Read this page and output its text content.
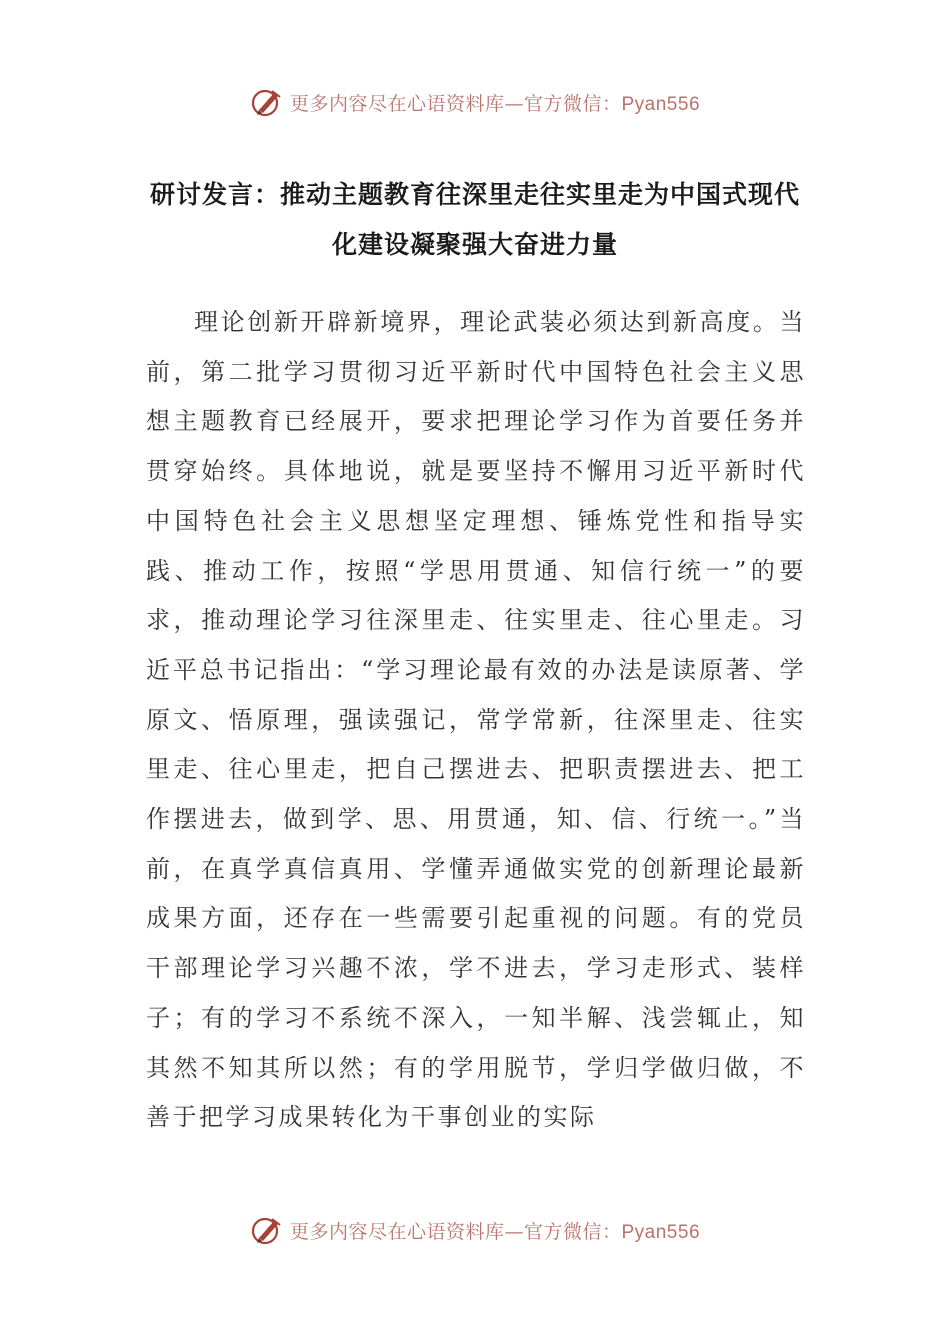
更多内容尽在心语资料库—官方微信：Pyan556
研讨发言：推动主题教育往深里走往实里走为中国式现代化建设凝聚强大奋进力量

理论创新开辟新境界，理论武装必须达到新高度。当前，第二批学习贯彻习近平新时代中国特色社会主义思想主题教育已经展开，要求把理论学习作为首要任务并贯穿始终。具体地说，就是要坚持不懈用习近平新时代中国特色社会主义思想坚定理想、锤炼党性和指导实践、推动工作，按照“学思用贯通、知信行统一”的要求，推动理论学习往深里走、往实里走、往心里走。习近平总书记指出：“学习理论最有效的办法是读原著、学原文、悟原理，强读强记，常学常新，往深里走、往实里走、往心里走，把自己摆进去、把职责摆进去、把工作摆进去，做到学、思、用贯通，知、信、行统一。”当前，在真学真信真用、学懂弄通做实党的创新理论最新成果方面，还存在一些需要引起重视的问题。有的党员干部理论学习兴趣不浓，学不进去，学习走形式、装样子；有的学习不系统不深入，一知半解、浅尝辄止，知其然不知其所以然；有的学用脱节，学归学做归做，不善于把学习成果转化为干事创业的实际

更多内容尽在心语资料库—官方微信：Pyan556
